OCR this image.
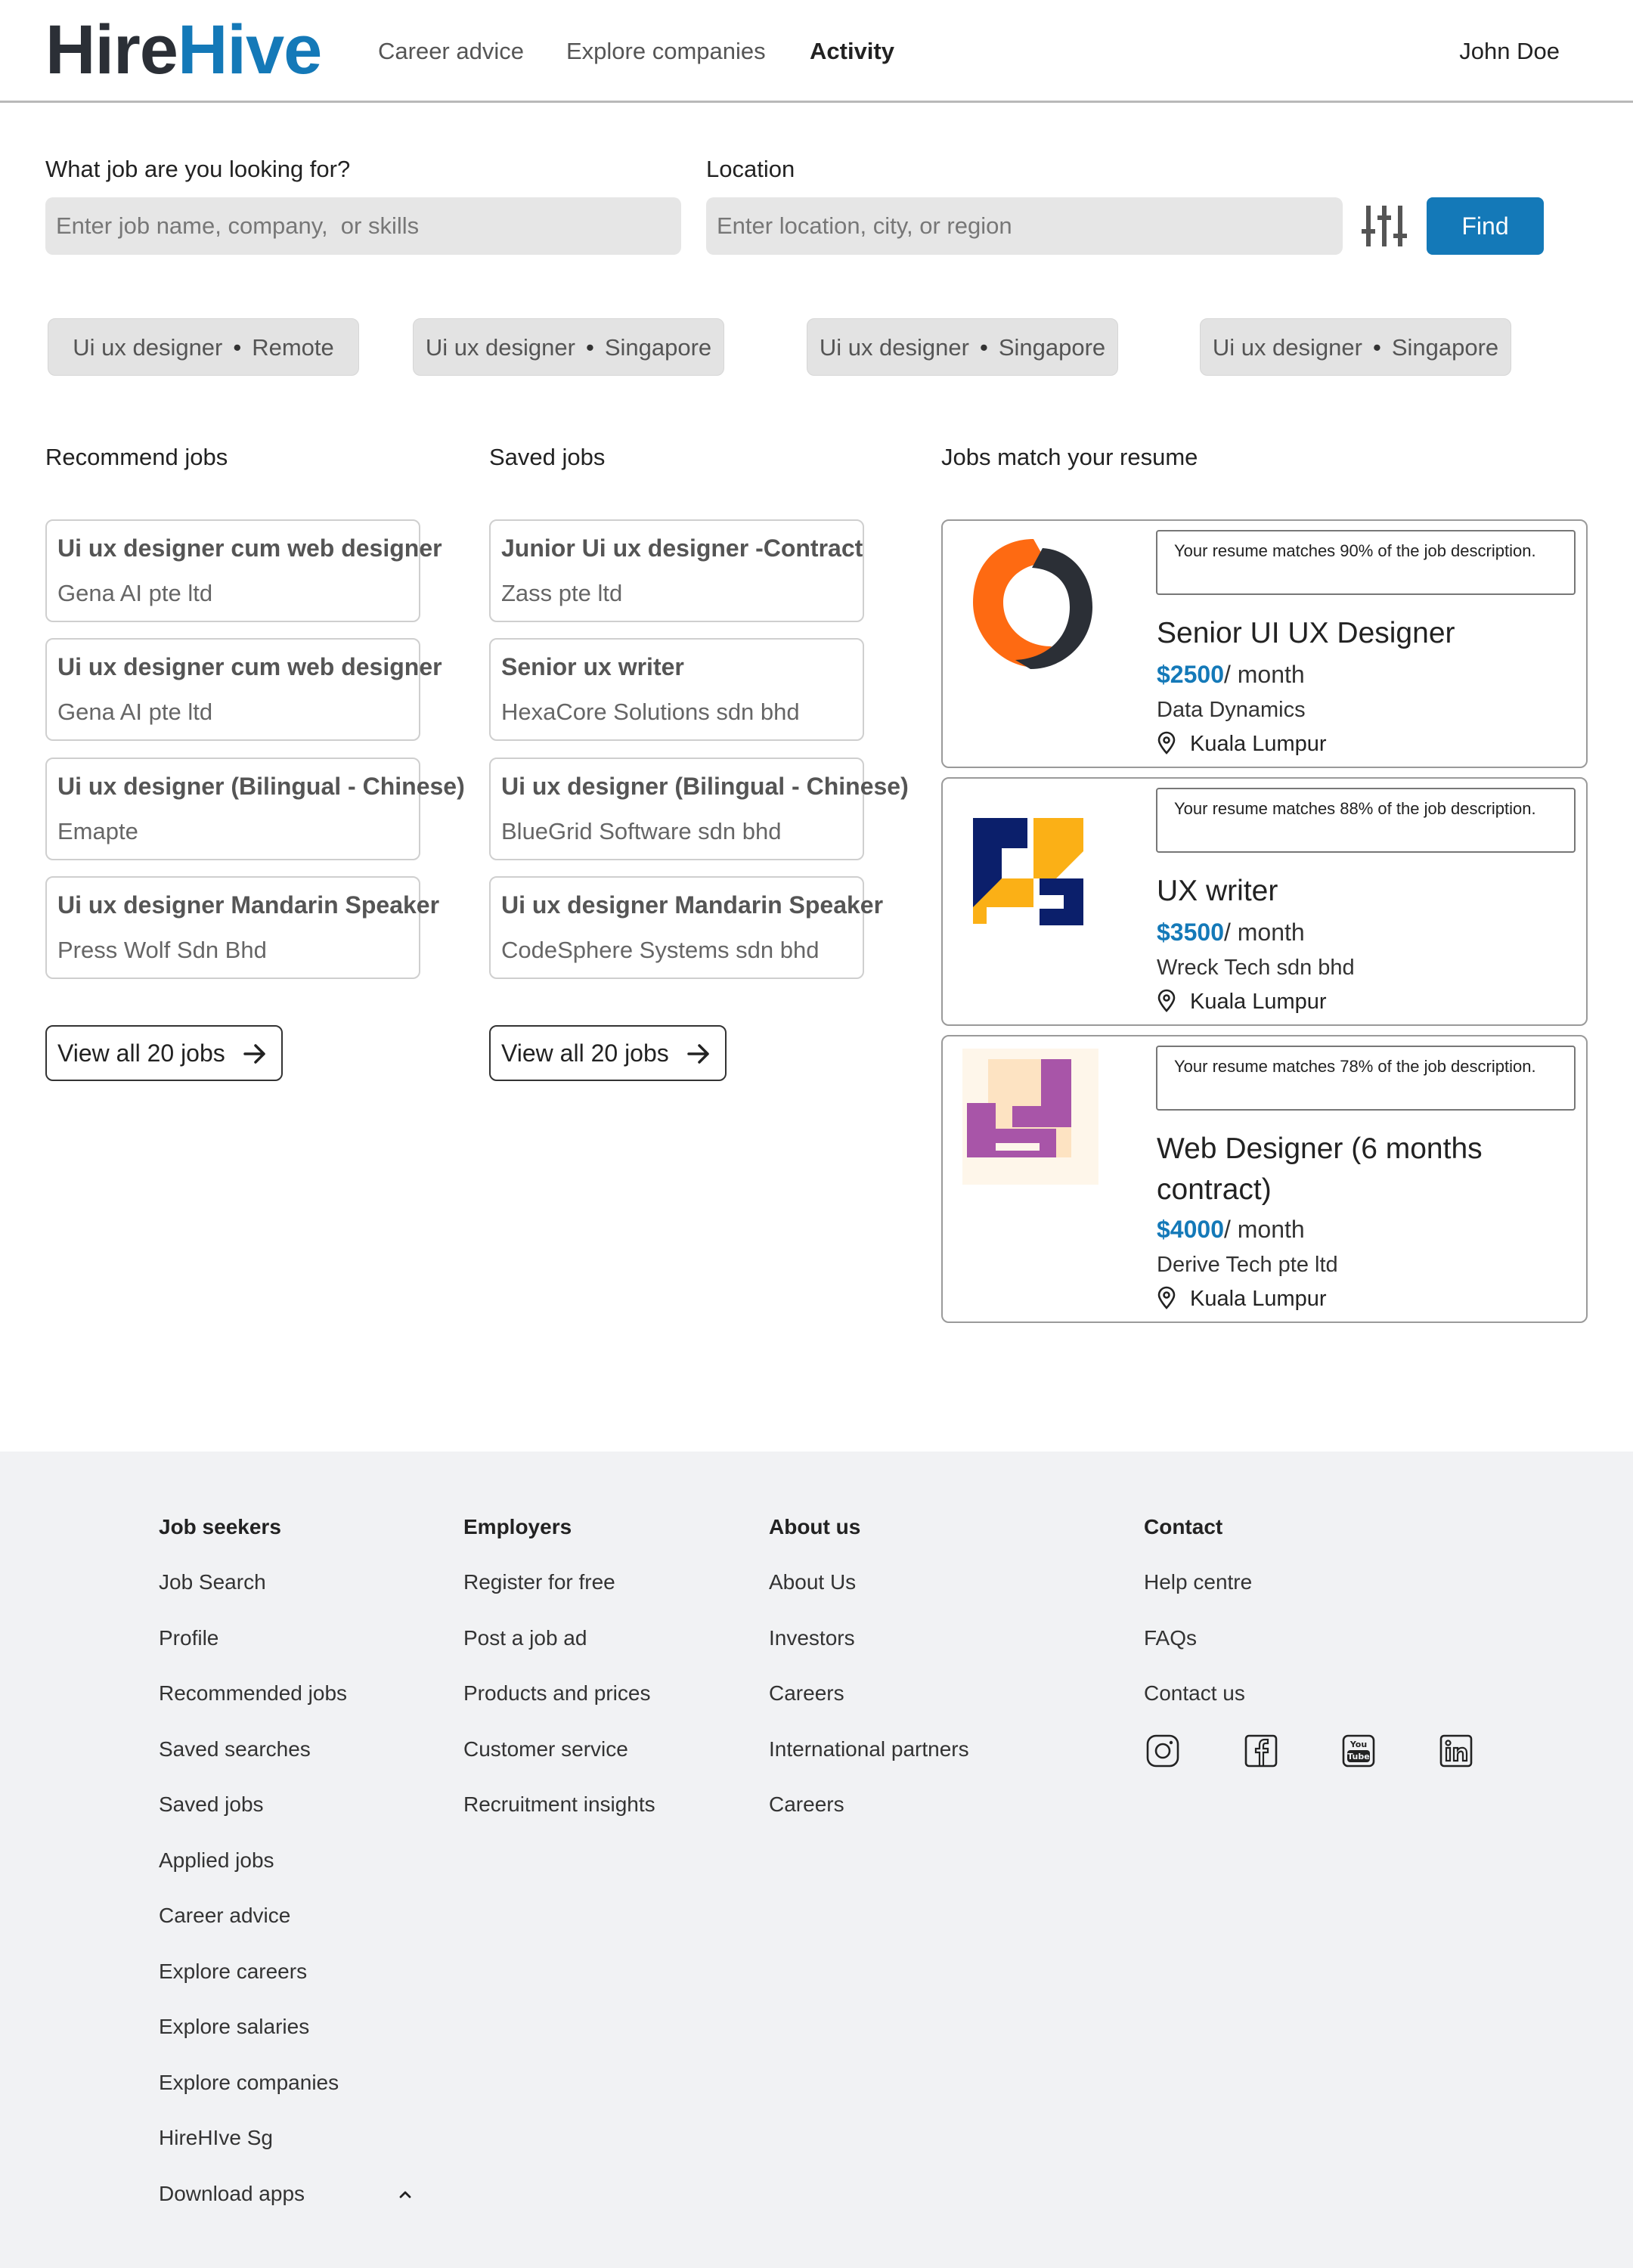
HireHive Career advice Explore companies Activity	John Doe
What job are you looking for?
Enter job name, company, or skills	Location
Enter location, city, or region
Find
Ui ux designer • Remote	Ui ux designer • Singapore	Ui ux designer • Singapore	Ui ux designer • Singapore
Recommend jobs	Saved jobs	Jobs match your resume
Ui ux designer cum web designer
Gena AI pte ltd
Ui ux designer cum web designer
Gena AI pte ltd
Ui ux designer (Bilingual - Chinese)
Emapte
Ui ux designer Mandarin Speaker
Press Wolf Sdn Bhd
View all 20 jobs
Junior Ui ux designer -Contract
Zass pte ltd
Senior ux writer
HexaCore Solutions sdn bhd
Ui ux designer (Bilingual - Chinese)
BlueGrid Software sdn bhd
Ui ux designer Mandarin Speaker
CodeSphere Systems sdn bhd
View all 20 jobs
Your resume matches 90% of the job description.
Senior UI UX Designer
$2500/ month
Data Dynamics
Kuala Lumpur
Your resume matches 88% of the job description.
UX writer
$3500/ month
Wreck Tech sdn bhd
Kuala Lumpur
Your resume matches 78% of the job description.
Web Designer (6 months contract)
$4000/ month
Derive Tech pte ltd
Kuala Lumpur
Job seekers
Job Search
Profile
Recommended jobs
Saved searches
Saved jobs
Applied jobs
Career advice
Explore careers
Explore salaries
Explore companies
HireHIve Sg
Download apps
Employers
Register for free
Post a job ad
Products and prices
Customer service
Recruitment insights
About us
About Us
Investors
Careers
International partners
Careers
Contact
Help centre
FAQs
Contact us
You
Tube
